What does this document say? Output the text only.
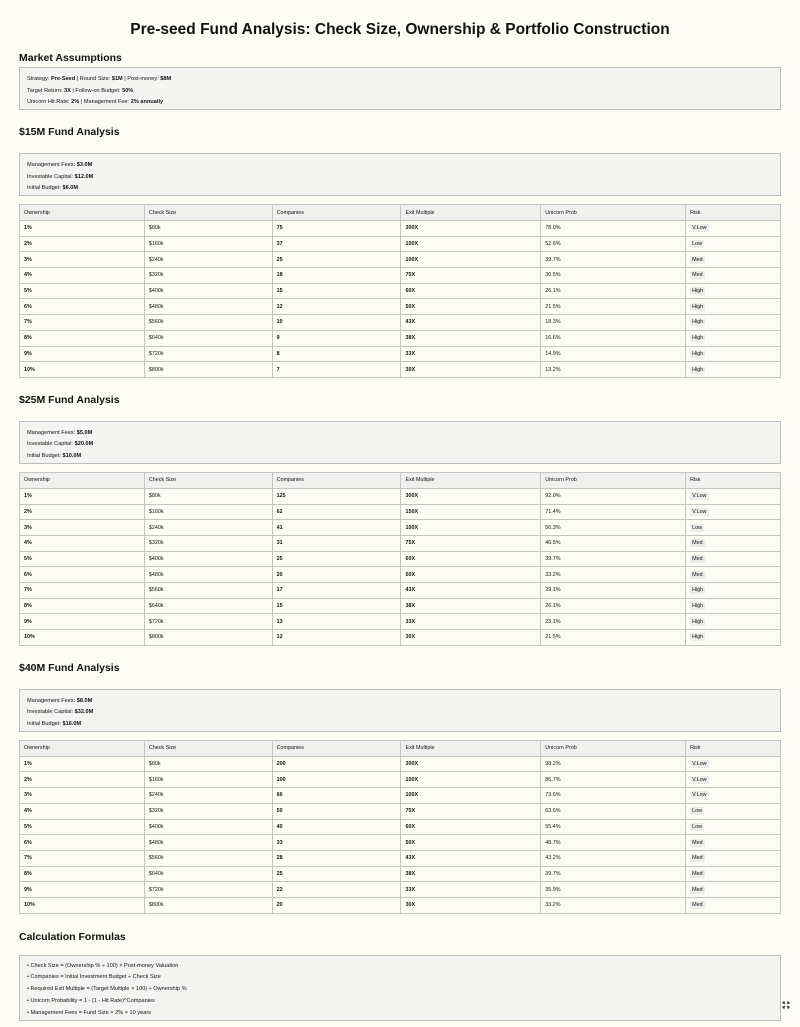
Pre-seed Fund Analysis: Check Size, Ownership & Portfolio Construction
Market Assumptions
Strategy: Pre-Seed | Round Size: $1M | Post-money: $8M
Target Return: 3X | Follow-on Budget: 50%
Unicorn Hit Rate: 2% | Management Fee: 2% annually
$15M Fund Analysis
Management Fees: $3.0M
Investable Capital: $12.0M
Initial Budget: $6.0M
Ownership	Check Size	Companies	Exit Multiple	Unicorn Prob	Risk
1%	$80k	75	300X	78.0%	V.Low
2%	$160k	37	150X	52.6%	Low
3%	$240k	25	100X	39.7%	Med
4%	$320k	18	75X	30.5%	Med
5%	$400k	15	60X	26.1%	High
6%	$480k	12	50X	21.5%	High
7%	$560k	10	43X	18.3%	High
8%	$640k	9	38X	16.6%	High
9%	$720k	8	33X	14.9%	High
10%	$800k	7	30X	13.2%	High
$25M Fund Analysis
Management Fees: $5.0M
Investable Capital: $20.0M
Initial Budget: $10.0M
Ownership	Check Size	Companies	Exit Multiple	Unicorn Prob	Risk
1%	$80k	125	300X	92.0%	V.Low
2%	$160k	62	150X	71.4%	V.Low
3%	$240k	41	100X	56.3%	Low
4%	$320k	31	75X	46.5%	Med
5%	$400k	25	60X	39.7%	Med
6%	$480k	20	50X	33.2%	Med
7%	$560k	17	43X	29.1%	High
8%	$640k	15	38X	26.1%	High
9%	$720k	13	33X	23.1%	High
10%	$800k	12	30X	21.5%	High
$40M Fund Analysis
Management Fees: $8.0M
Investable Capital: $32.0M
Initial Budget: $16.0M
Ownership	Check Size	Companies	Exit Multiple	Unicorn Prob	Risk
1%	$80k	200	300X	98.2%	V.Low
2%	$160k	100	150X	86.7%	V.Low
3%	$240k	66	100X	73.6%	V.Low
4%	$320k	50	75X	63.6%	Low
5%	$400k	40	60X	55.4%	Low
6%	$480k	33	50X	48.7%	Med
7%	$560k	28	43X	43.2%	Med
8%	$640k	25	38X	39.7%	Med
9%	$720k	22	33X	35.9%	Med
10%	$800k	20	30X	33.2%	Med
Calculation Formulas
• Check Size = (Ownership % ÷ 100) × Post-money Valuation
• Companies = Initial Investment Budget ÷ Check Size
• Required Exit Multiple = (Target Multiple × 100) ÷ Ownership %
• Unicorn Probability = 1 - (1 - Hit Rate)^Companies
• Management Fees = Fund Size × 2% × 10 years
